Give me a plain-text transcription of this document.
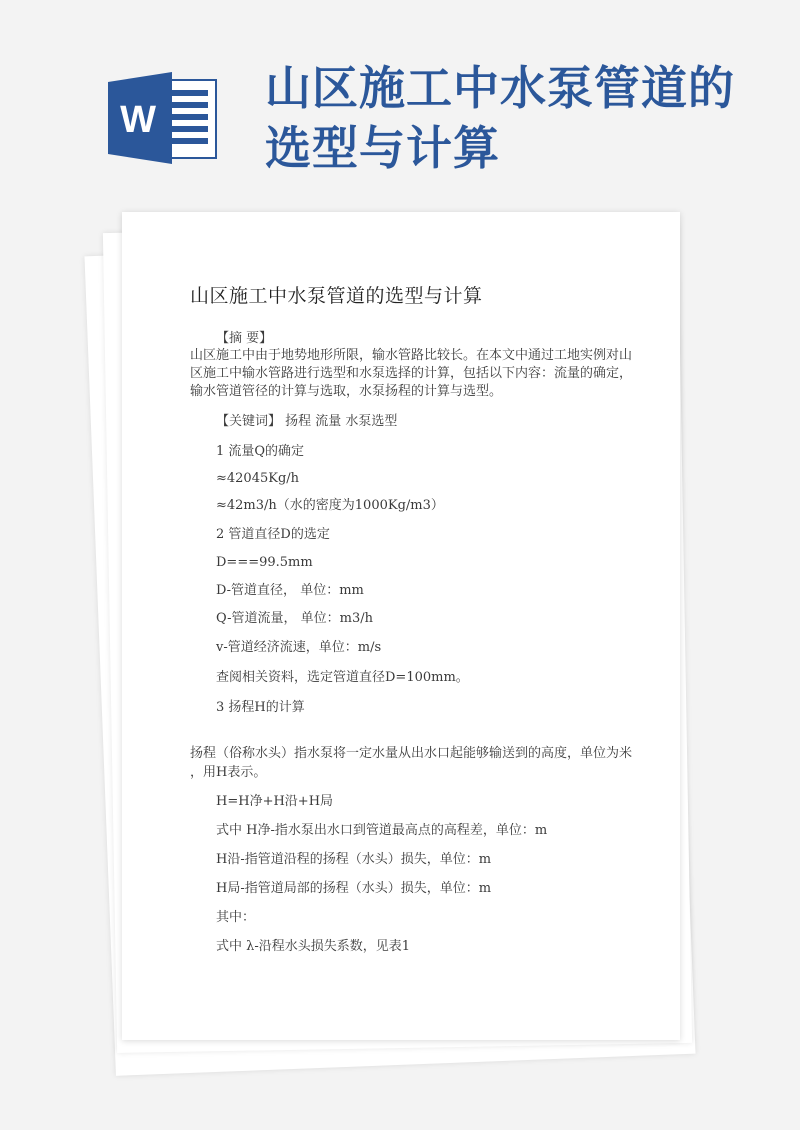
山区施工中水泵管道的
选型与计算
W
山区施工中水泵管道的选型与计算
【摘 要】
山区施工中由于地势地形所限，输水管路比较长。在本文中通过工地实例对山
区施工中输水管路进行选型和水泵选择的计算，包括以下内容：流量的确定，
输水管道管径的计算与选取，水泵扬程的计算与选型。
【关键词】 扬程 流量 水泵选型
1 流量Q的确定
≈42045Kg/h
≈42m3/h（水的密度为1000Kg/m3）
2 管道直径D的选定
D===99.5mm
D-管道直径， 单位：mm
Q-管道流量， 单位：m3/h
v-管道经济流速，单位：m/s
查阅相关资料，选定管道直径D=100mm。
3 扬程H的计算
扬程（俗称水头）指水泵将一定水量从出水口起能够输送到的高度，单位为米
，用H表示。
H=H净+H沿+H局
式中 H净-指水泵出水口到管道最高点的高程差，单位：m
H沿-指管道沿程的扬程（水头）损失，单位：m
H局-指管道局部的扬程（水头）损失，单位：m
其中：
式中 λ-沿程水头损失系数，见表1
